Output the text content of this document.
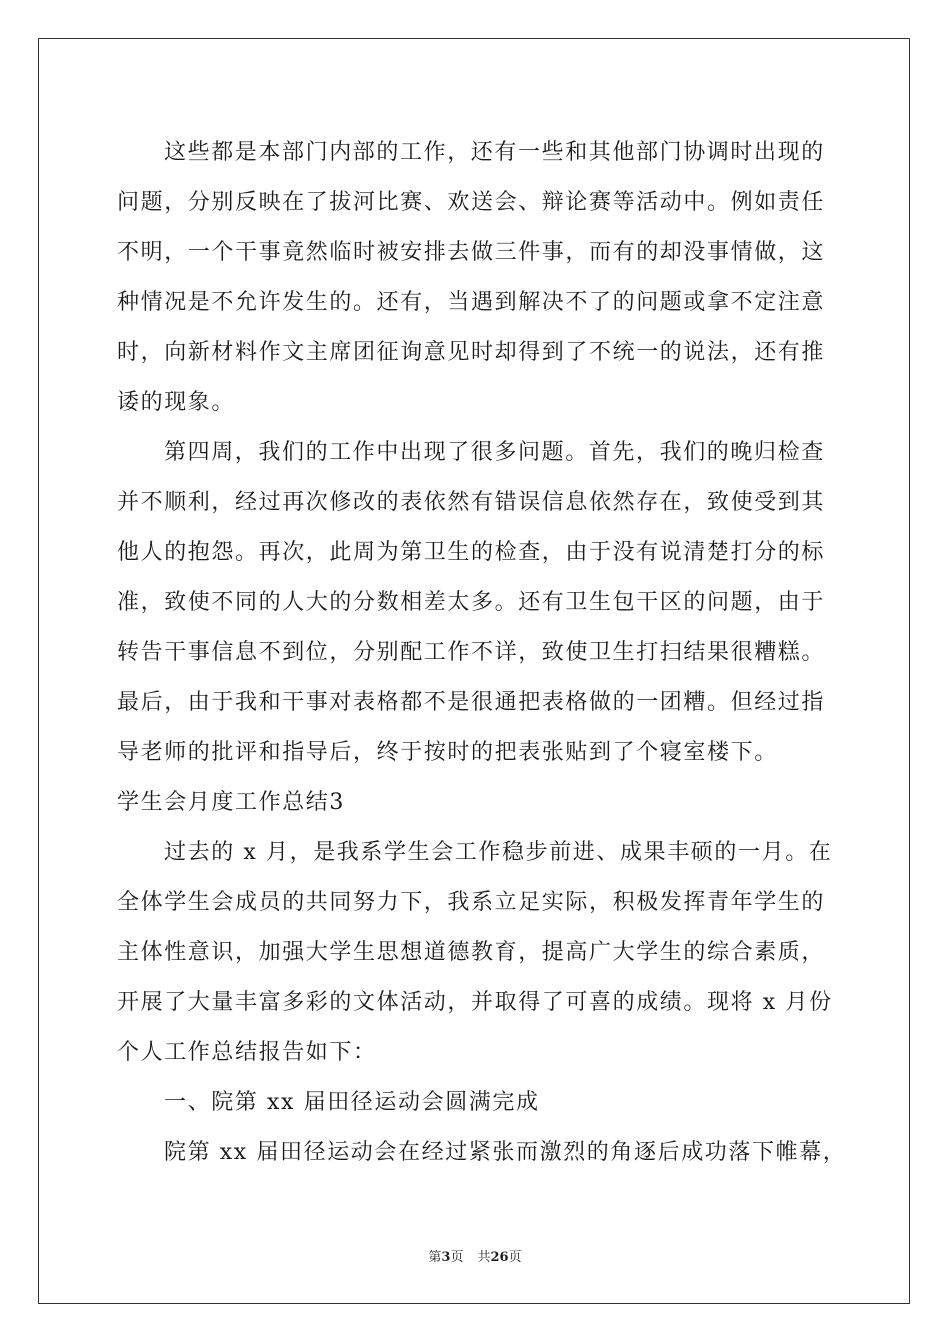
这些都是本部门内部的工作，还有一些和其他部门协调时出现的
问题，分别反映在了拔河比赛、欢送会、辩论赛等活动中。例如责任
不明，一个干事竟然临时被安排去做三件事，而有的却没事情做，这
种情况是不允许发生的。还有，当遇到解决不了的问题或拿不定注意
时，向新材料作文主席团征询意见时却得到了不统一的说法，还有推
诿的现象。
第四周，我们的工作中出现了很多问题。首先，我们的晚归检查
并不顺利，经过再次修改的表依然有错误信息依然存在，致使受到其
他人的抱怨。再次，此周为第卫生的检查，由于没有说清楚打分的标
准，致使不同的人大的分数相差太多。还有卫生包干区的问题，由于
转告干事信息不到位，分别配工作不详，致使卫生打扫结果很糟糕。
最后，由于我和干事对表格都不是很通把表格做的一团糟。但经过指
导老师的批评和指导后，终于按时的把表张贴到了个寝室楼下。
学生会月度工作总结3
过去的 x 月，是我系学生会工作稳步前进、成果丰硕的一月。在
全体学生会成员的共同努力下，我系立足实际，积极发挥青年学生的
主体性意识，加强大学生思想道德教育，提高广大学生的综合素质，
开展了大量丰富多彩的文体活动，并取得了可喜的成绩。现将 x 月份
个人工作总结报告如下：
一、院第 xx 届田径运动会圆满完成
院第 xx 届田径运动会在经过紧张而激烈的角逐后成功落下帷幕，
第3页 共26页
